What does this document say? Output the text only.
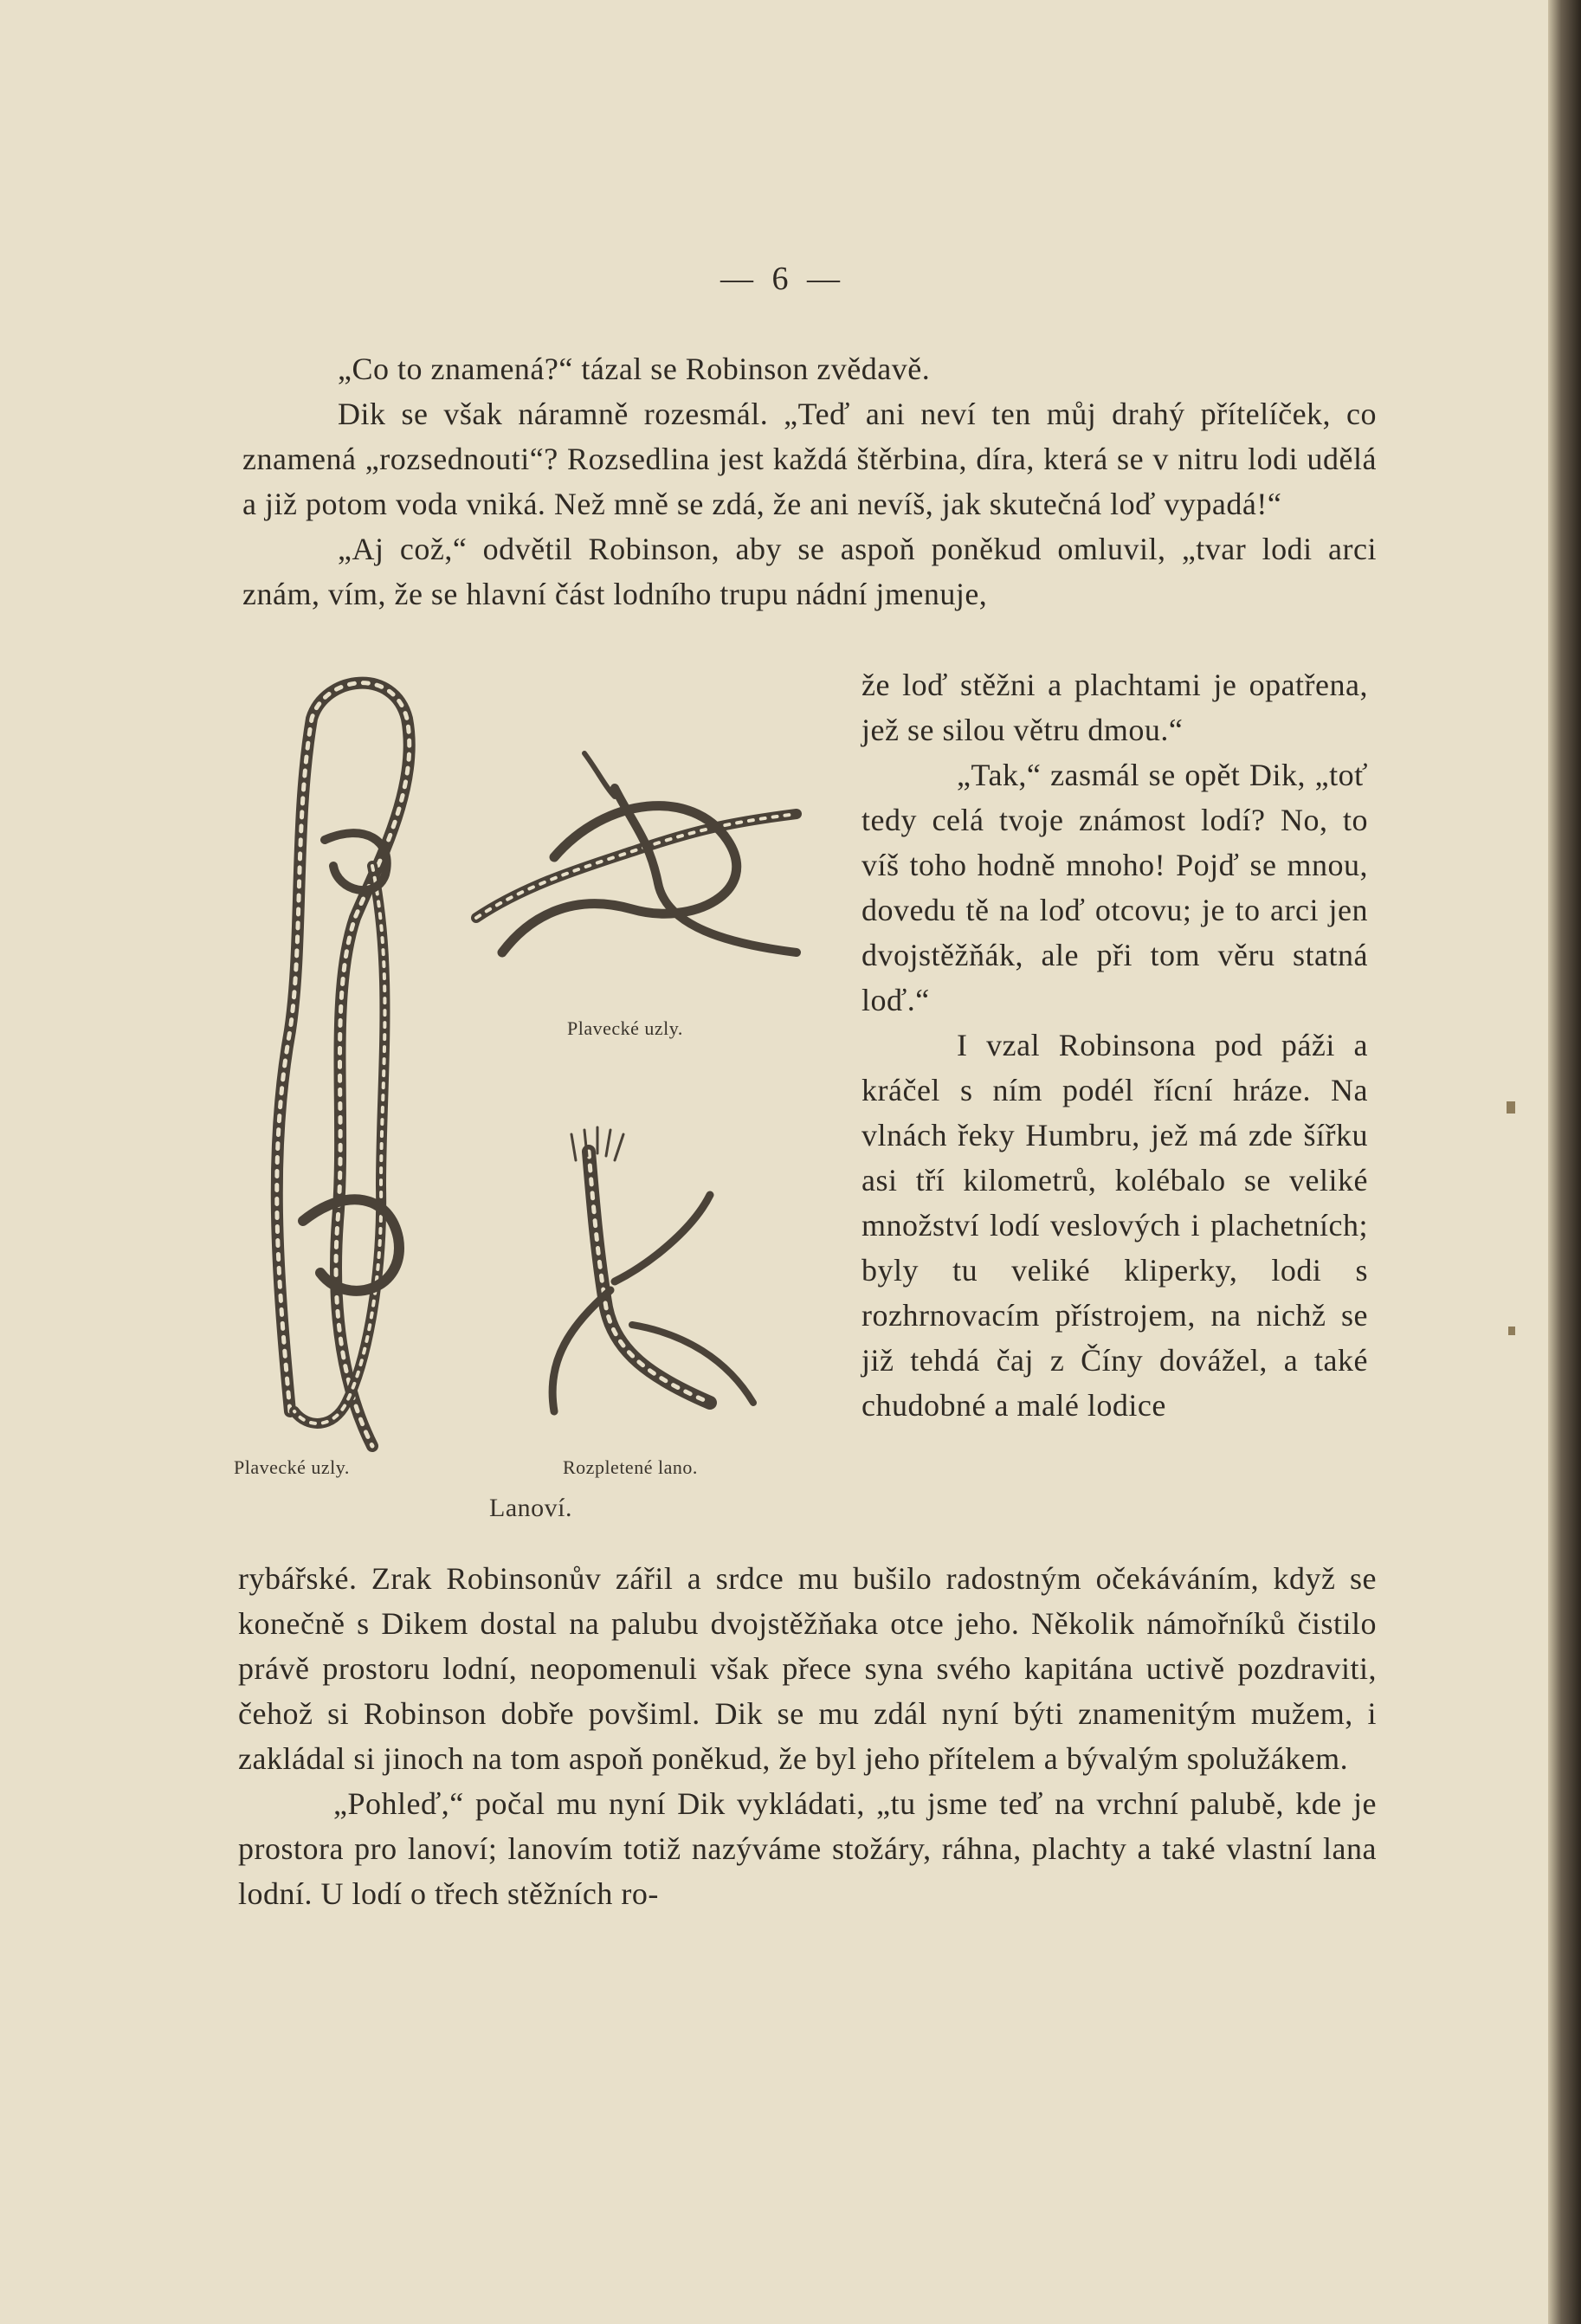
— 6 —

„Co to znamená?“ tázal se Robinson zvědavě.

Dik se však náramně rozesmál. „Teď ani neví ten můj drahý přítelíček, co znamená „rozsednouti“? Rozsedlina jest každá štěrbina, díra, která se v nitru lodi udělá a již potom voda vniká. Než mně se zdá, že ani nevíš, jak skutečná loď vypadá!“

„Aj což,“ odvětil Robinson, aby se aspoň poněkud omluvil, „tvar lodi arci znám, vím, že se hlavní část lodního trupu nádní jmenuje,

že loď stěžni a plachtami je opatřena, jež se silou větru dmou.“

„Tak,“ zasmál se opět Dik, „toť tedy celá tvoje známost lodí? No, to víš toho hodně mnoho! Pojď se mnou, dovedu tě na loď otcovu; je to arci jen dvojstěžňák, ale při tom věru statná loď.“

I vzal Robinsona pod páži a kráčel s ním podél řícní hráze. Na vlnách řeky Humbru, jež má zde šířku asi tří kilometrů, kolébalo se veliké množství lodí veslových i plachetních; byly tu veliké kliperky, lodi s rozhrnovacím přístrojem, na nichž se již tehdá čaj z Číny dovážel, a také chudobné a malé lodice

Plavecké uzly.
Plavecké uzly.
Rozpletené lano.
Lanoví.

rybářské. Zrak Robinsonův zářil a srdce mu bušilo radostným očekáváním, když se konečně s Dikem dostal na palubu dvojstěžňaka otce jeho. Několik námořníků čistilo právě prostoru lodní, neopomenuli však přece syna svého kapitána uctivě pozdraviti, čehož si Robinson dobře povšiml. Dik se mu zdál nyní býti znamenitým mužem, i zakládal si jinoch na tom aspoň poněkud, že byl jeho přítelem a bývalým spolužákem.

„Pohleď,“ počal mu nyní Dik vykládati, „tu jsme teď na vrchní palubě, kde je prostora pro lanoví; lanovím totiž nazýváme stožáry, ráhna, plachty a také vlastní lana lodní. U lodí o třech stěžních ro-
